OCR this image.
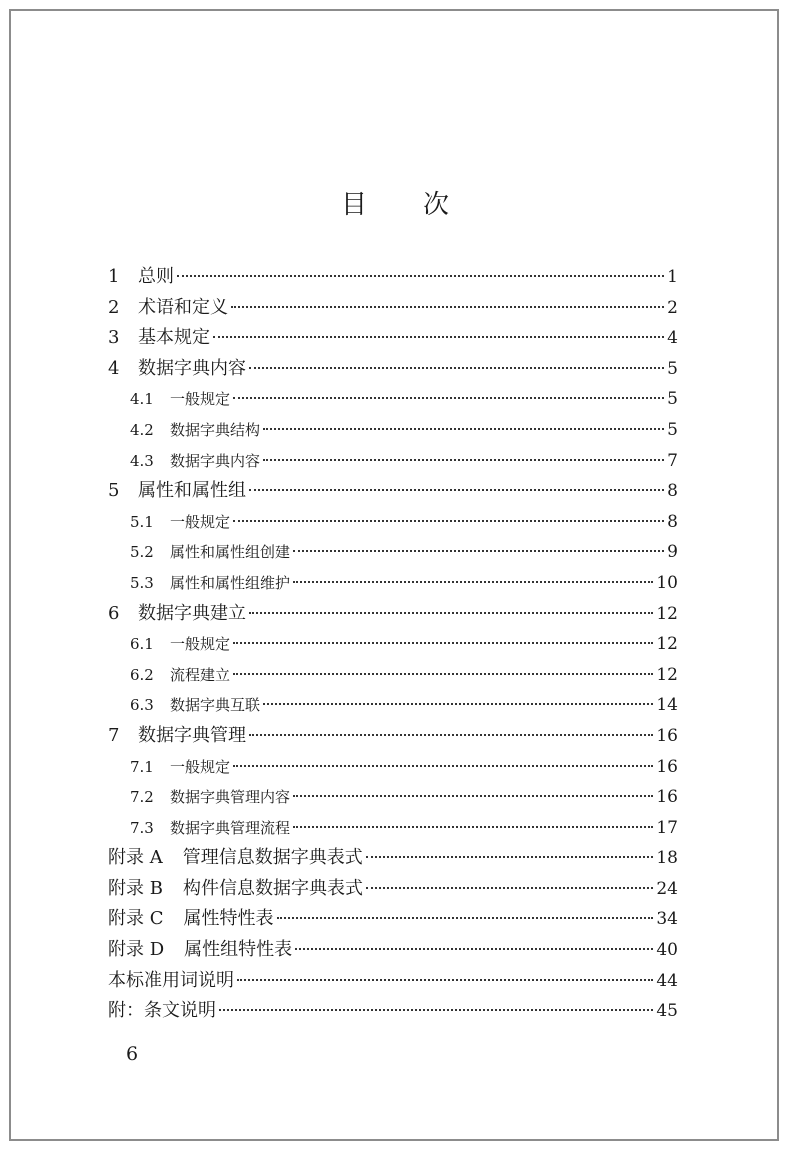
目 次
1	总则	1
2	术语和定义	2
3	基本规定	4
4	数据字典内容	5
4.1	一般规定	5
4.2	数据字典结构	5
4.3	数据字典内容	7
5	属性和属性组	8
5.1	一般规定	8
5.2	属性和属性组创建	9
5.3	属性和属性组维护	10
6	数据字典建立	12
6.1	一般规定	12
6.2	流程建立	12
6.3	数据字典互联	14
7	数据字典管理	16
7.1	一般规定	16
7.2	数据字典管理内容	16
7.3	数据字典管理流程	17
附录 A 管理信息数据字典表式	18
附录 B 构件信息数据字典表式	24
附录 C 属性特性表	34
附录 D 属性组特性表	40
本标准用词说明	44
附：条文说明	45
6
